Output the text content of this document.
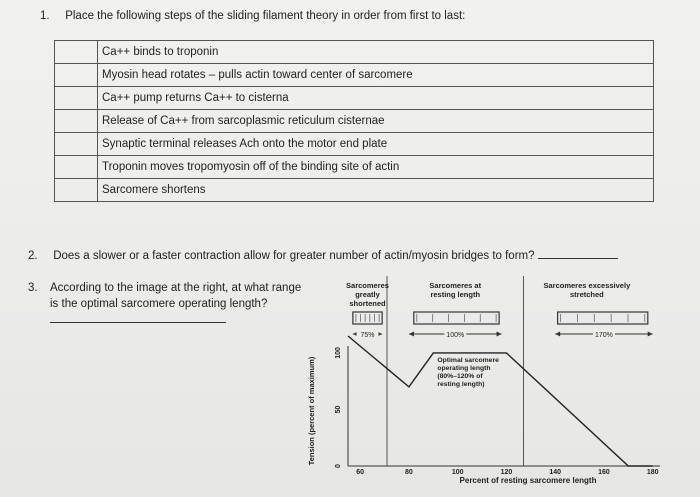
1. Place the following steps of the sliding filament theory in order from first to last:
	Ca++ binds to troponin
	Myosin head rotates – pulls actin toward center of sarcomere
	Ca++ pump returns Ca++ to cisterna
	Release of Ca++ from sarcoplasmic reticulum cisternae
	Synaptic terminal releases Ach onto the motor end plate
	Troponin moves tropomyosin off of the binding site of actin
	Sarcomere shortens
2. Does a slower or a faster contraction allow for greater number of actin/myosin bridges to form?
3. According to the image at the right, at what range is the optimal sarcomere operating length?
Sarcomeres
greatly
shortened
Sarcomeres at
resting length
Sarcomeres excessively
stretched
75%	100%	170%
0
50
100
Tension (percent of maximum)
60	80	100	120	140	160	180
Percent of resting sarcomere length
Optimal sarcomere
operating length
(80%–120% of
resting length)
